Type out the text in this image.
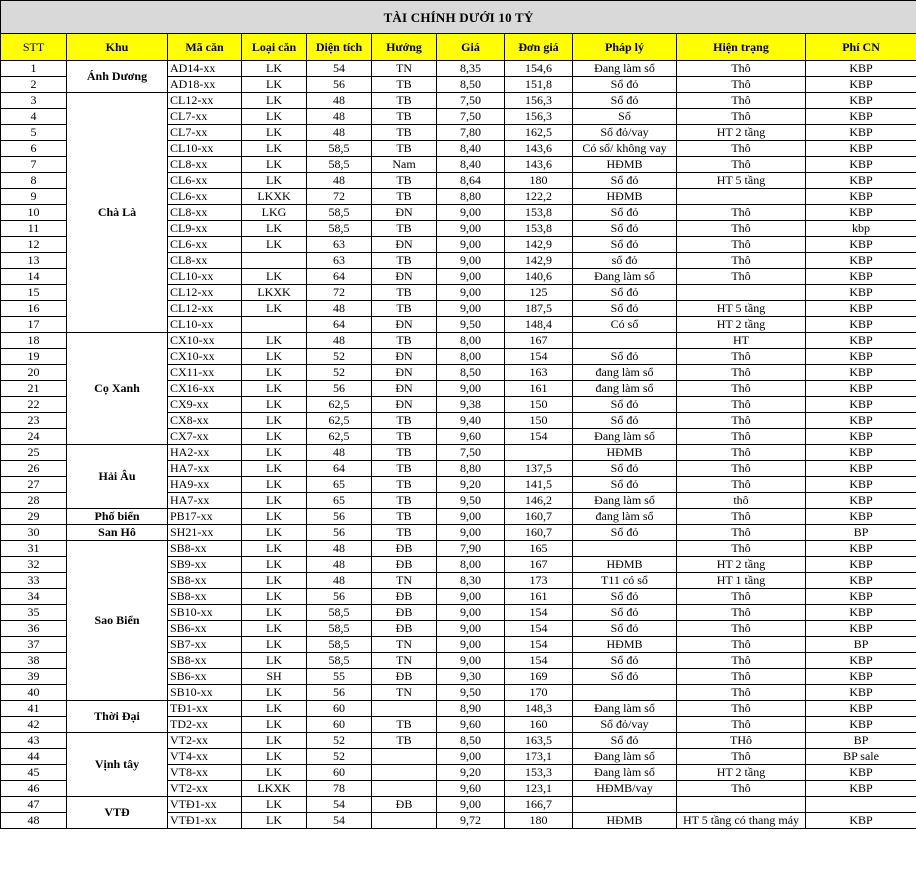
TÀI CHÍNH DƯỚI 10 TỶ										
STT	Khu	Mã căn	Loại căn	Diện tích	Hướng	Giá	Đơn giá	Pháp lý	Hiện trạng	Phí CN
1	Ánh Dương	AD14-xx	LK	54	TN	8,35	154,6	Đang làm sổ	Thô	KBP
2		AD18-xx	LK	56	TB	8,50	151,8	Sổ đỏ	Thô	KBP
3	Chà Là	CL12-xx	LK	48	TB	7,50	156,3	Sổ đỏ	Thô	KBP
4		CL7-xx	LK	48	TB	7,50	156,3	Sổ	Thô	KBP
5		CL7-xx	LK	48	TB	7,80	162,5	Sổ đỏ/vay	HT 2 tầng	KBP
6		CL10-xx	LK	58,5	TB	8,40	143,6	Có sổ/ không vay	Thô	KBP
7		CL8-xx	LK	58,5	Nam	8,40	143,6	HĐMB	Thô	KBP
8		CL6-xx	LK	48	TB	8,64	180	Sổ đỏ	HT 5 tầng	KBP
9		CL6-xx	LKXK	72	TB	8,80	122,2	HĐMB		KBP
10		CL8-xx	LKG	58,5	ĐN	9,00	153,8	Sổ đỏ	Thô	KBP
11		CL9-xx	LK	58,5	TB	9,00	153,8	Sổ đỏ	Thô	kbp
12		CL6-xx	LK	63	ĐN	9,00	142,9	Sổ đỏ	Thô	KBP
13		CL8-xx		63	TB	9,00	142,9	sổ đỏ	Thô	KBP
14		CL10-xx	LK	64	ĐN	9,00	140,6	Đang làm sổ	Thô	KBP
15		CL12-xx	LKXK	72	TB	9,00	125	Sổ đỏ		KBP
16		CL12-xx	LK	48	TB	9,00	187,5	Sổ đỏ	HT 5 tầng	KBP
17		CL10-xx		64	ĐN	9,50	148,4	Có sổ	HT 2 tầng	KBP
18	Cọ Xanh	CX10-xx	LK	48	TB	8,00	167		HT	KBP
19		CX10-xx	LK	52	ĐN	8,00	154	Sổ đỏ	Thô	KBP
20		CX11-xx	LK	52	ĐN	8,50	163	đang làm sổ	Thô	KBP
21		CX16-xx	LK	56	ĐN	9,00	161	đang làm sổ	Thô	KBP
22		CX9-xx	LK	62,5	ĐN	9,38	150	Sổ đỏ	Thô	KBP
23		CX8-xx	LK	62,5	TB	9,40	150	Sổ đỏ	Thô	KBP
24		CX7-xx	LK	62,5	TB	9,60	154	Đang làm sổ	Thô	KBP
25	Hải Âu	HA2-xx	LK	48	TB	7,50		HĐMB	Thô	KBP
26		HA7-xx	LK	64	TB	8,80	137,5	Sổ đỏ	Thô	KBP
27		HA9-xx	LK	65	TB	9,20	141,5	Sổ đỏ	Thô	KBP
28		HA7-xx	LK	65	TB	9,50	146,2	Đang làm sổ	thô	KBP
29	Phố biển	PB17-xx	LK	56	TB	9,00	160,7	đang làm sổ	Thô	KBP
30	San Hô	SH21-xx	LK	56	TB	9,00	160,7	Sổ đỏ	Thô	BP
31	Sao Biển	SB8-xx	LK	48	ĐB	7,90	165		Thô	KBP
32		SB9-xx	LK	48	ĐB	8,00	167	HĐMB	HT 2 tầng	KBP
33		SB8-xx	LK	48	TN	8,30	173	T11 có sổ	HT 1 tầng	KBP
34		SB8-xx	LK	56	ĐB	9,00	161	Sổ đỏ	Thô	KBP
35		SB10-xx	LK	58,5	ĐB	9,00	154	Sổ đỏ	Thô	KBP
36		SB6-xx	LK	58,5	ĐB	9,00	154	Sổ đỏ	Thô	KBP
37		SB7-xx	LK	58,5	TN	9,00	154	HĐMB	Thô	BP
38		SB8-xx	LK	58,5	TN	9,00	154	Sổ đỏ	Thô	KBP
39		SB6-xx	SH	55	ĐB	9,30	169	Sổ đỏ	Thô	KBP
40		SB10-xx	LK	56	TN	9,50	170		Thô	KBP
41	Thời Đại	TĐ1-xx	LK	60		8,90	148,3	Đang làm sổ	Thô	KBP
42		TD2-xx	LK	60	TB	9,60	160	Sổ đỏ/vay	Thô	KBP
43	Vịnh tây	VT2-xx	LK	52	TB	8,50	163,5	Sổ đỏ	THô	BP
44		VT4-xx	LK	52		9,00	173,1	Đang làm sổ	Thô	BP sale
45		VT8-xx	LK	60		9,20	153,3	Đang làm sổ	HT 2 tầng	KBP
46		VT2-xx	LKXK	78		9,60	123,1	HĐMB/vay	Thô	KBP
47	VTĐ	VTĐ1-xx	LK	54	ĐB	9,00	166,7			
48		VTĐ1-xx	LK	54		9,72	180	HĐMB	HT 5 tầng có thang máy	KBP
